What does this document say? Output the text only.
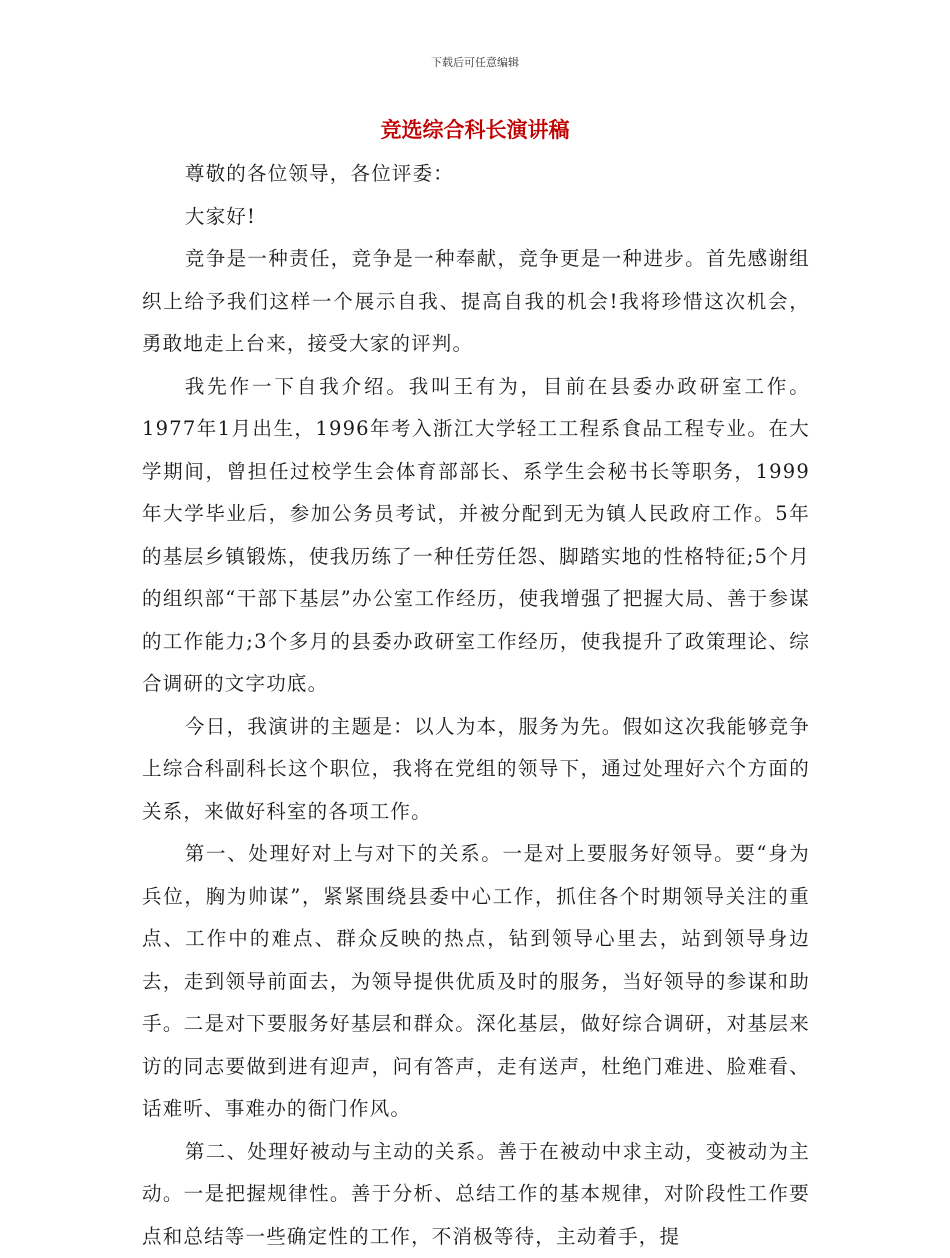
下载后可任意编辑
竞选综合科长演讲稿

尊敬的各位领导，各位评委：

大家好!

竞争是一种责任，竞争是一种奉献，竞争更是一种进步。首先感谢组织上给予我们这样一个展示自我、提高自我的机会!我将珍惜这次机会，勇敢地走上台来，接受大家的评判。

我先作一下自我介绍。我叫王有为，目前在县委办政研室工作。1977年1月出生，1996年考入浙江大学轻工工程系食品工程专业。在大学期间，曾担任过校学生会体育部部长、系学生会秘书长等职务，1999年大学毕业后，参加公务员考试，并被分配到无为镇人民政府工作。5年的基层乡镇锻炼，使我历练了一种任劳任怨、脚踏实地的性格特征;5个月的组织部“干部下基层”办公室工作经历，使我增强了把握大局、善于参谋的工作能力;3个多月的县委办政研室工作经历，使我提升了政策理论、综合调研的文字功底。

今日，我演讲的主题是：以人为本，服务为先。假如这次我能够竞争上综合科副科长这个职位，我将在党组的领导下，通过处理好六个方面的关系，来做好科室的各项工作。

第一、处理好对上与对下的关系。一是对上要服务好领导。要“身为兵位，胸为帅谋”，紧紧围绕县委中心工作，抓住各个时期领导关注的重点、工作中的难点、群众反映的热点，钻到领导心里去，站到领导身边去，走到领导前面去，为领导提供优质及时的服务，当好领导的参谋和助手。二是对下要服务好基层和群众。深化基层，做好综合调研，对基层来访的同志要做到进有迎声，问有答声，走有送声，杜绝门难进、脸难看、话难听、事难办的衙门作风。

第二、处理好被动与主动的关系。善于在被动中求主动，变被动为主动。一是把握规律性。善于分析、总结工作的基本规律，对阶段性工作要点和总结等一些确定性的工作，不消极等待，主动着手，提
